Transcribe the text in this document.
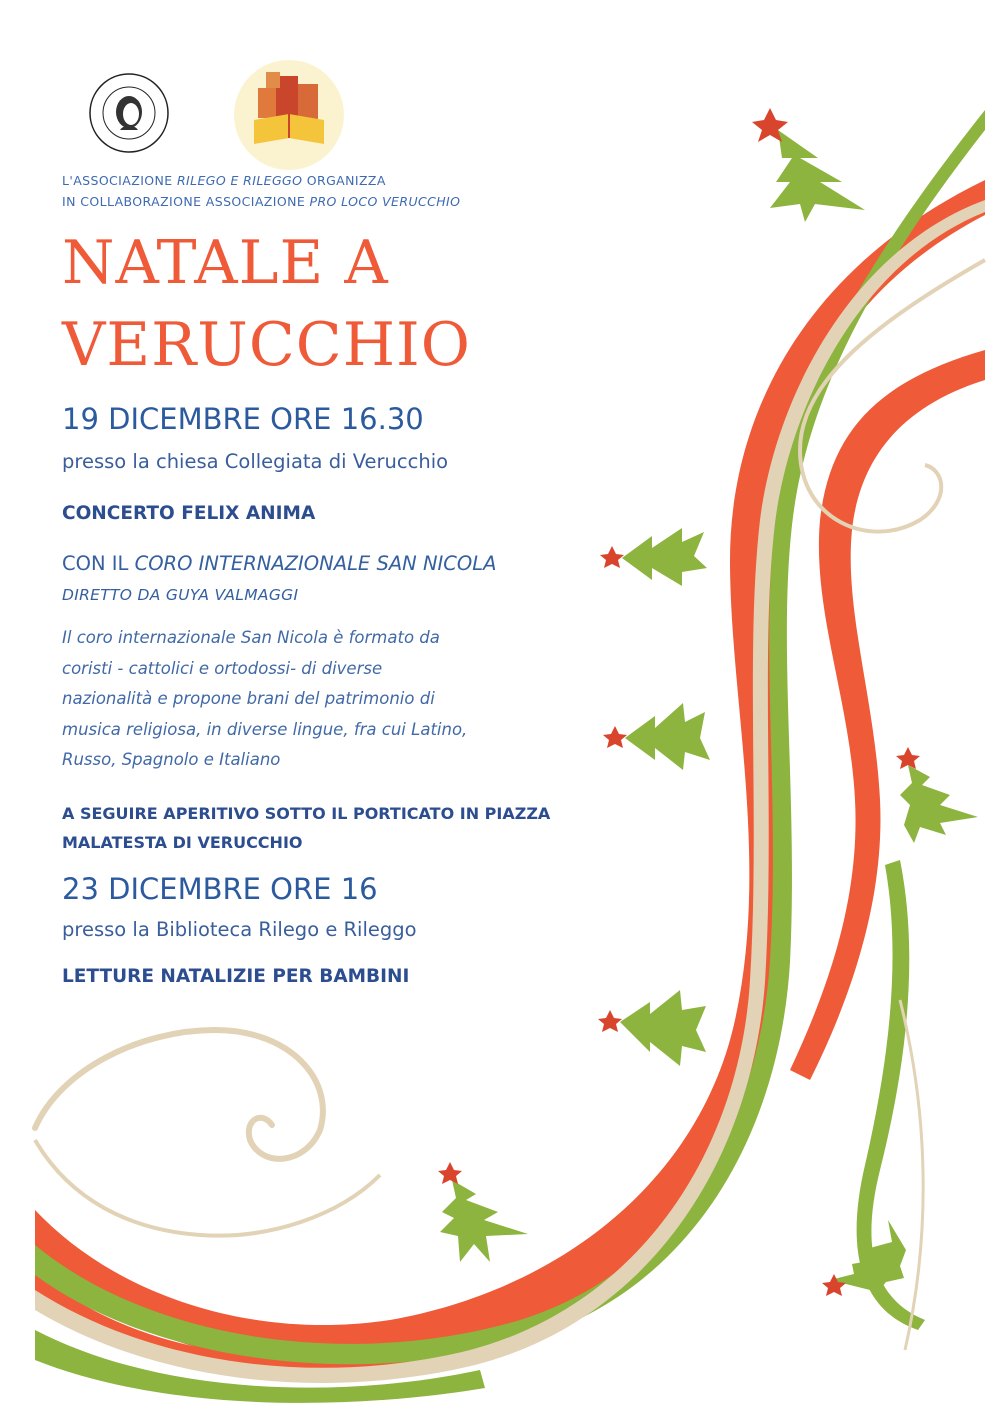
L'ASSOCIAZIONE RILEGO E RILEGGO ORGANIZZA
IN COLLABORAZIONE ASSOCIAZIONE PRO LOCO VERUCCHIO
NATALE A
VERUCCHIO
19 DICEMBRE ORE 16.30
presso la chiesa Collegiata di Verucchio
CONCERTO FELIX ANIMA
CON IL CORO INTERNAZIONALE SAN NICOLA
DIRETTO DA GUYA VALMAGGI
Il coro internazionale San Nicola è formato da
coristi - cattolici e ortodossi- di diverse
nazionalità e propone brani del patrimonio di
musica religiosa, in diverse lingue, fra cui Latino,
Russo, Spagnolo e Italiano
A SEGUIRE APERITIVO SOTTO IL PORTICATO IN PIAZZA
MALATESTA DI VERUCCHIO
23 DICEMBRE ORE 16
presso la Biblioteca Rilego e Rileggo
LETTURE NATALIZIE PER BAMBINI
